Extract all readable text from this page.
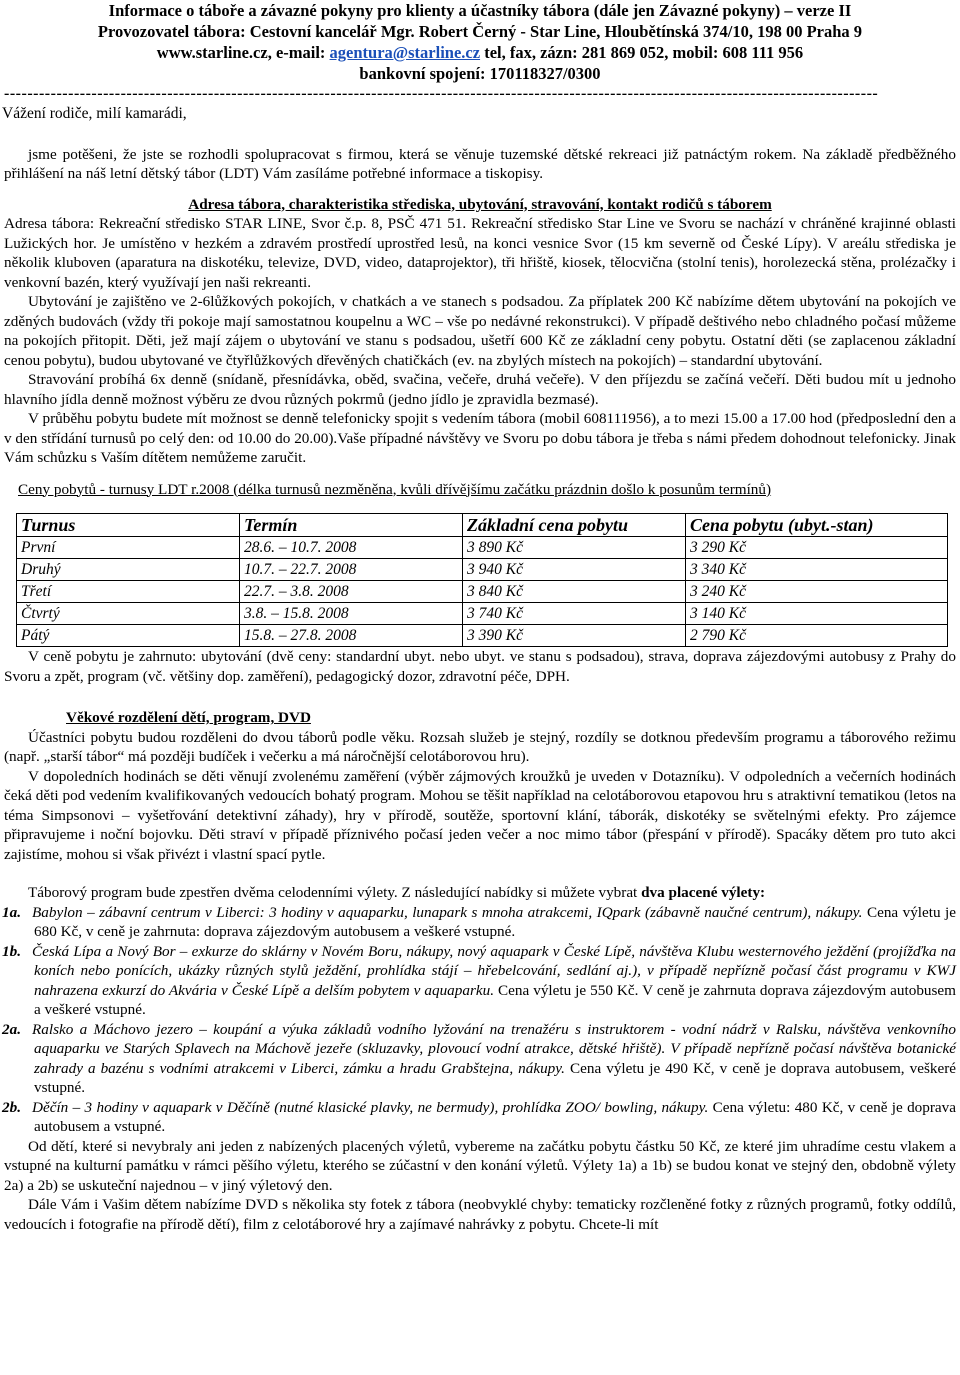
Informace o táboře a závazné pokyny pro klienty a účastníky tábora (dále jen Závazné pokyny) – verze II

Provozovatel tábora: Cestovní kancelář Mgr. Robert Černý - Star Line, Hloubětínská 374/10, 198 00 Praha 9

www.starline.cz, e-mail: agentura@starline.cz tel, fax, zázn: 281 869 052, mobil: 608 111 956

bankovní spojení: 170118327/0300

------------------------------------------------------------------------------------------------------------------------------------------------------

Vážení rodiče, milí kamarádi,

jsme potěšeni, že jste se rozhodli spolupracovat s firmou, která se věnuje tuzemské dětské rekreaci již patnáctým rokem. Na základě předběžného přihlášení na náš letní dětský tábor (LDT) Vám zasíláme potřebné informace a tiskopisy.

Adresa tábora, charakteristika střediska, ubytování, stravování, kontakt rodičů s táborem

Adresa tábora: Rekreační středisko STAR LINE, Svor č.p. 8, PSČ 471 51. Rekreační středisko Star Line ve Svoru se nachází v chráněné krajinné oblasti Lužických hor. Je umístěno v hezkém a zdravém prostředí uprostřed lesů, na konci vesnice Svor (15 km severně od České Lípy). V areálu střediska je několik kluboven (aparatura na diskotéku, televize, DVD, video, dataprojektor), tři hřiště, kiosek, tělocvična (stolní tenis), horolezecká stěna, prolézačky i venkovní bazén, který využívají jen naši rekreanti.

Ubytování je zajištěno ve 2-6lůžkových pokojích, v chatkách a ve stanech s podsadou. Za příplatek 200 Kč nabízíme dětem ubytování na pokojích ve zděných budovách (vždy tři pokoje mají samostatnou koupelnu a WC – vše po nedávné rekonstrukci). V případě deštivého nebo chladného počasí můžeme na pokojích přitopit. Děti, jež mají zájem o ubytování ve stanu s podsadou, ušetří 600 Kč ze základní ceny pobytu. Ostatní děti (se zaplacenou základní cenou pobytu), budou ubytované ve čtyřlůžkových dřevěných chatičkách (ev. na zbylých místech na pokojích) – standardní ubytování.

Stravování probíhá 6x denně (snídaně, přesnídávka, oběd, svačina, večeře, druhá večeře). V den příjezdu se začíná večeří. Děti budou mít u jednoho hlavního jídla denně možnost výběru ze dvou různých pokrmů (jedno jídlo je zpravidla bezmasé).

V průběhu pobytu budete mít možnost se denně telefonicky spojit s vedením tábora (mobil 608111956), a to mezi 15.00 a 17.00 hod (předposlední den a v den střídání turnusů po celý den: od 10.00 do 20.00).Vaše případné návštěvy ve Svoru po dobu tábora je třeba s námi předem dohodnout telefonicky. Jinak Vám schůzku s Vaším dítětem nemůžeme zaručit.

Ceny pobytů - turnusy LDT r.2008 (délka turnusů nezměněna, kvůli dřívějšímu začátku prázdnin došlo k posunům termínů)

Turnus	Termín	Základní cena pobytu	Cena pobytu (ubyt.-stan)
První	28.6. – 10.7. 2008	3 890 Kč	3 290 Kč
Druhý	10.7. – 22.7. 2008	3 940 Kč	3 340 Kč
Třetí	22.7. – 3.8. 2008	3 840 Kč	3 240 Kč
Čtvrtý	3.8. – 15.8. 2008	3 740 Kč	3 140 Kč
Pátý	15.8. – 27.8. 2008	3 390 Kč	2 790 Kč

V ceně pobytu je zahrnuto: ubytování (dvě ceny: standardní ubyt. nebo ubyt. ve stanu s podsadou), strava, doprava zájezdovými autobusy z Prahy do Svoru a zpět, program (vč. většiny dop. zaměření), pedagogický dozor, zdravotní péče, DPH.

Věkové rozdělení dětí, program, DVD

Účastníci pobytu budou rozděleni do dvou táborů podle věku. Rozsah služeb je stejný, rozdíly se dotknou především programu a táborového režimu (např. „starší tábor“ má později budíček i večerku a má náročnější celotáborovou hru).

V dopoledních hodinách se děti věnují zvolenému zaměření (výběr zájmových kroužků je uveden v Dotazníku). V odpoledních a večerních hodinách čeká děti pod vedením kvalifikovaných vedoucích bohatý program. Mohou se těšit například na celotáborovou etapovou hru s atraktivní tematikou (letos na téma Simpsonovi – vyšetřování detektivní záhady), hry v přírodě, soutěže, sportovní klání, táborák, diskotéky se světelnými efekty. Pro zájemce připravujeme i noční bojovku. Děti straví v případě příznivého počasí jeden večer a noc mimo tábor (přespání v přírodě). Spacáky dětem pro tuto akci zajistíme, mohou si však přivézt i vlastní spací pytle.

Táborový program bude zpestřen dvěma celodenními výlety. Z následující nabídky si můžete vybrat dva placené výlety:

1a. Babylon – zábavní centrum v Liberci: 3 hodiny v aquaparku, lunapark s mnoha atrakcemi, IQpark (zábavně naučné centrum), nákupy. Cena výletu je 680 Kč, v ceně je zahrnuta: doprava zájezdovým autobusem a veškeré vstupné.

1b. Česká Lípa a Nový Bor – exkurze do sklárny v Novém Boru, nákupy, nový aquapark v České Lípě, návštěva Klubu westernového ježdění (projížďka na koních nebo ponících, ukázky různých stylů ježdění, prohlídka stájí – hřebelcování, sedlání aj.), v případě nepřízně počasí část programu v KWJ nahrazena exkurzí do Akvária v České Lípě a delším pobytem v aquaparku. Cena výletu je 550 Kč. V ceně je zahrnuta doprava zájezdovým autobusem a veškeré vstupné.

2a. Ralsko a Máchovo jezero – koupání a výuka základů vodního lyžování na trenažéru s instruktorem - vodní nádrž v Ralsku, návštěva venkovního aquaparku ve Starých Splavech na Máchově jezeře (skluzavky, plovoucí vodní atrakce, dětské hřiště). V případě nepřízně počasí návštěva botanické zahrady a bazénu s vodními atrakcemi v Liberci, zámku a hradu Grabštejna, nákupy. Cena výletu je 490 Kč, v ceně je doprava autobusem, veškeré vstupné.

2b. Děčín – 3 hodiny v aquapark v Děčíně (nutné klasické plavky, ne bermudy), prohlídka ZOO/ bowling, nákupy. Cena výletu: 480 Kč, v ceně je doprava autobusem a vstupné.

Od dětí, které si nevybraly ani jeden z nabízených placených výletů, vybereme na začátku pobytu částku 50 Kč, ze které jim uhradíme cestu vlakem a vstupné na kulturní památku v rámci pěšího výletu, kterého se zúčastní v den konání výletů. Výlety 1a) a 1b) se budou konat ve stejný den, obdobně výlety 2a) a 2b) se uskuteční najednou – v jiný výletový den.

Dále Vám i Vašim dětem nabízíme DVD s několika sty fotek z tábora (neobvyklé chyby: tematicky rozčleněné fotky z různých programů, fotky oddílů, vedoucích i fotografie na přírodě dětí), film z celotáborové hry a zajímavé nahrávky z pobytu. Chcete-li mít
